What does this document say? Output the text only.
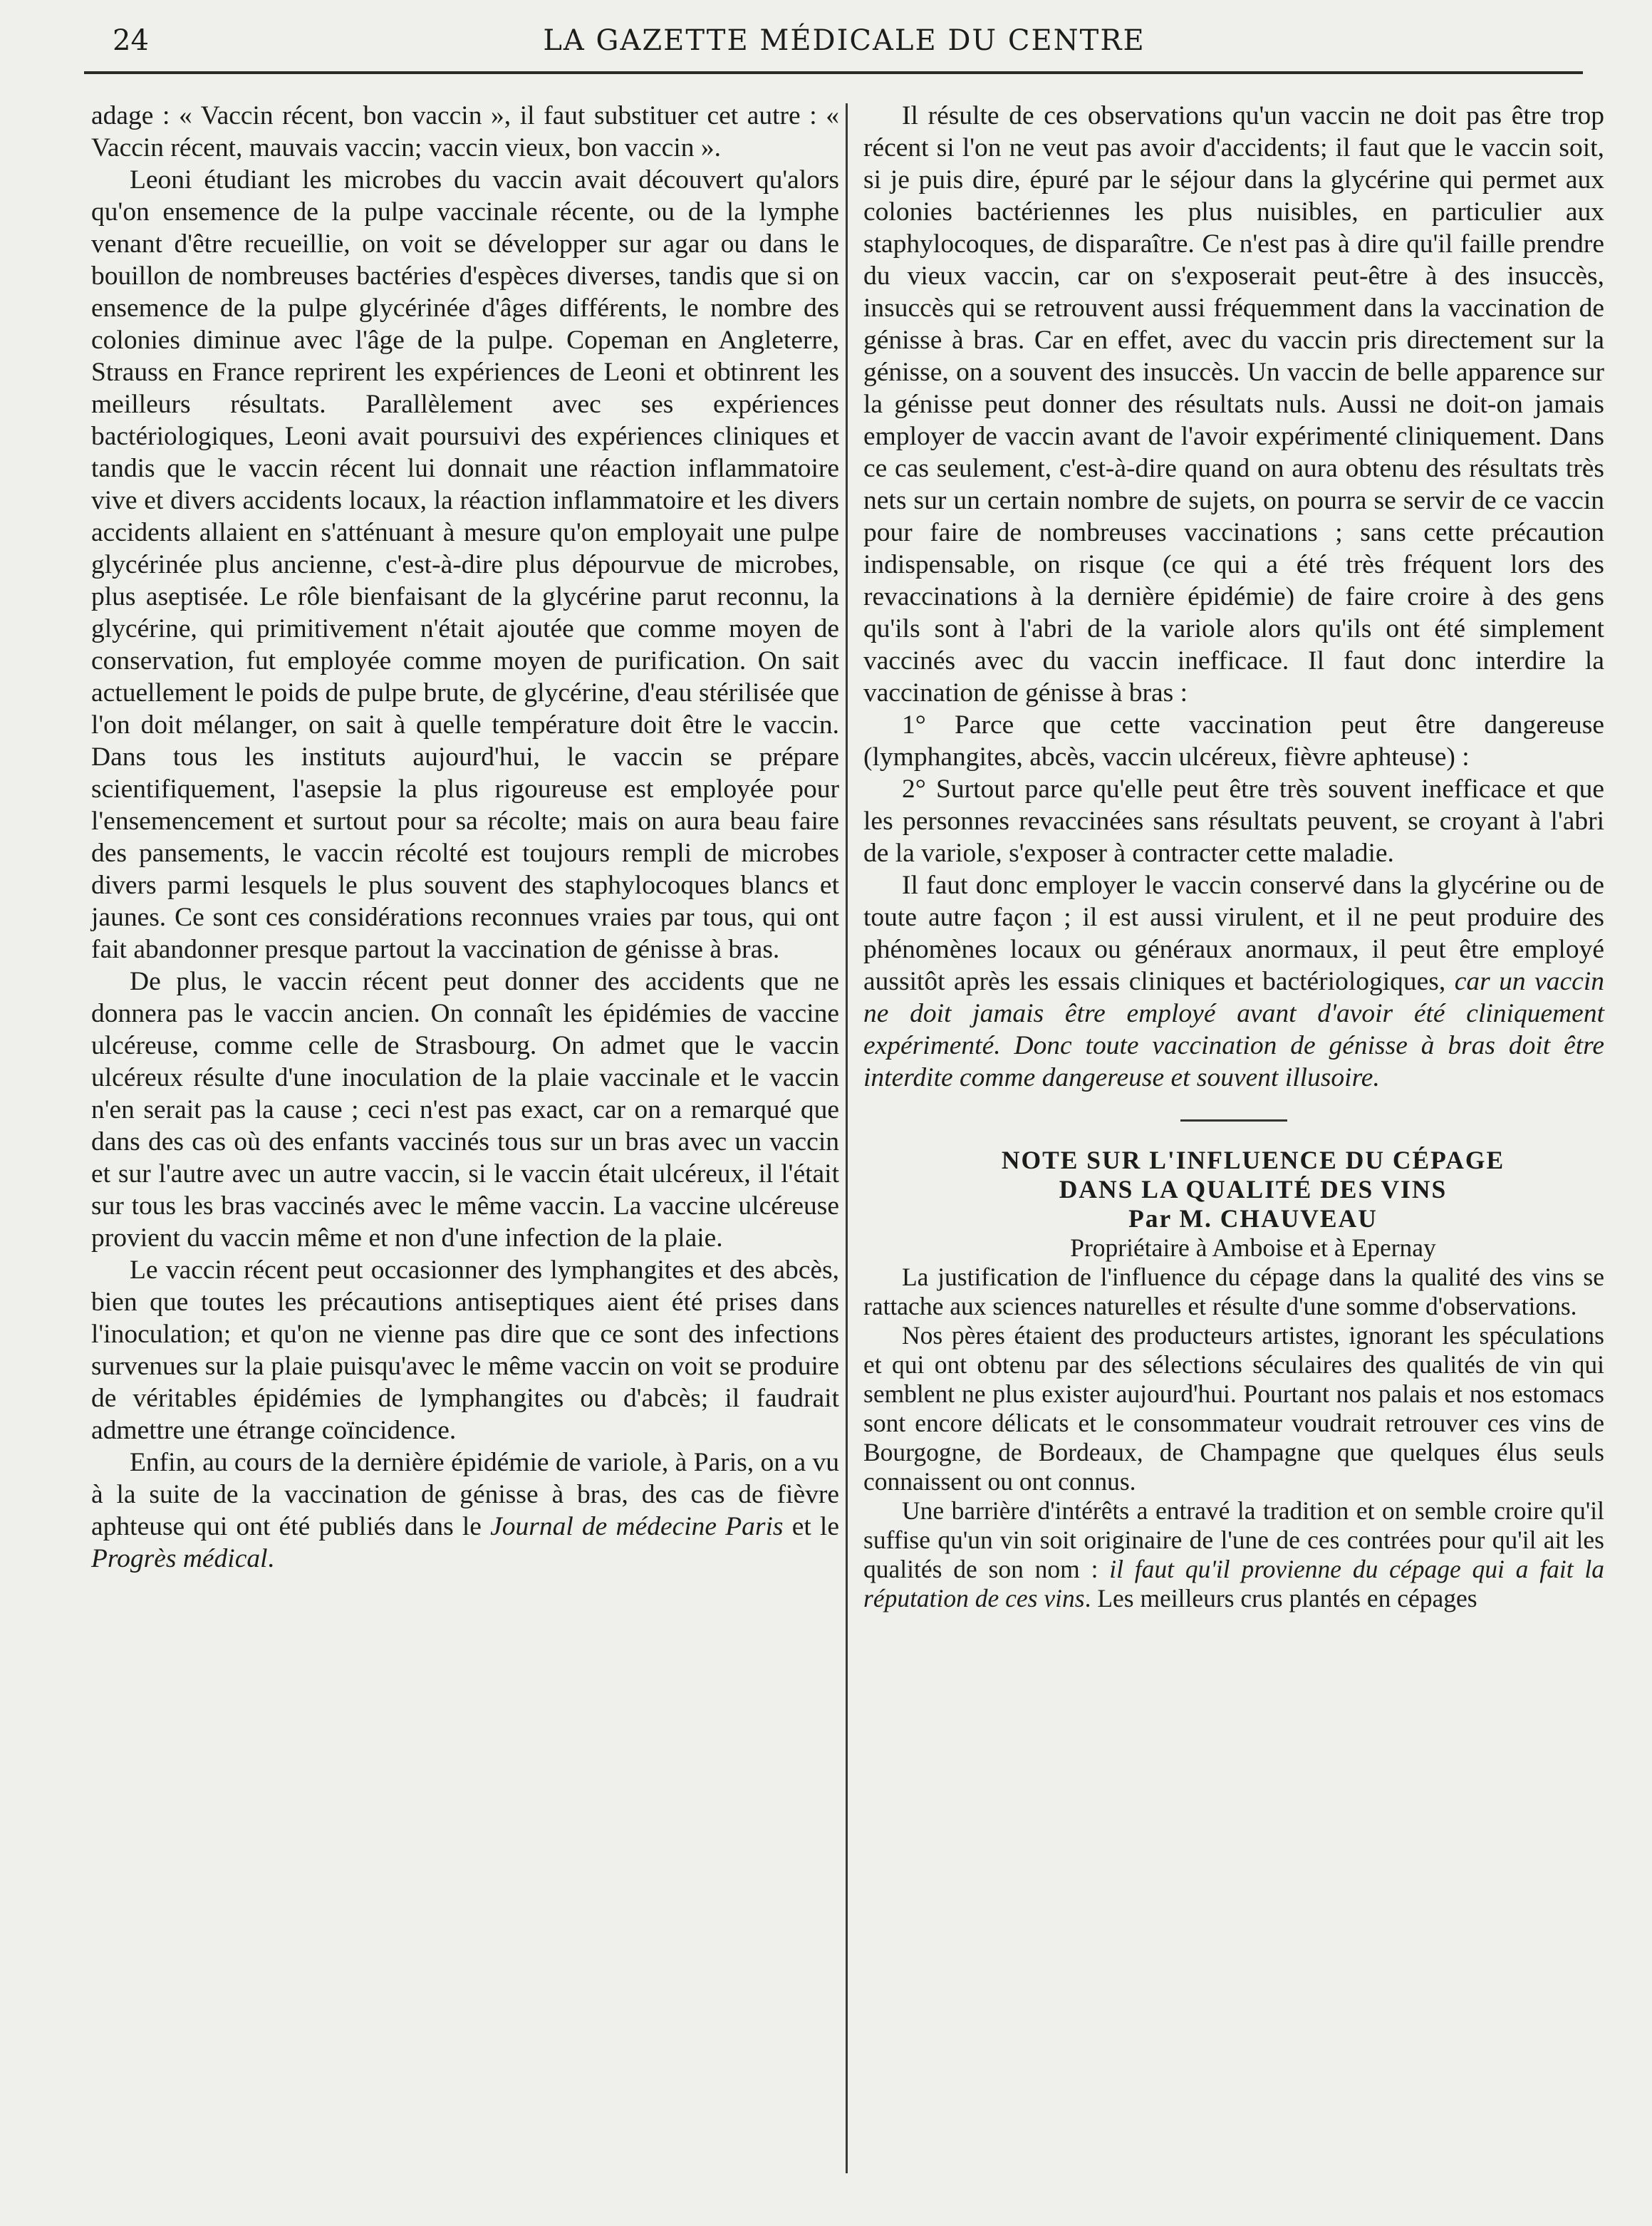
24	LA GAZETTE MÉDICALE DU CENTRE

adage : « Vaccin récent, bon vaccin », il faut substituer cet autre : « Vaccin récent, mauvais vaccin; vaccin vieux, bon vaccin ».

Leoni étudiant les microbes du vaccin avait découvert qu'alors qu'on ensemence de la pulpe vaccinale récente, ou de la lymphe venant d'être recueillie, on voit se développer sur agar ou dans le bouillon de nombreuses bactéries d'espèces diverses, tandis que si on ensemence de la pulpe glycérinée d'âges différents, le nombre des colonies diminue avec l'âge de la pulpe. Copeman en Angleterre, Strauss en France reprirent les expériences de Leoni et obtinrent les meilleurs résultats. Parallèlement avec ses expériences bactériologiques, Leoni avait poursuivi des expériences cliniques et tandis que le vaccin récent lui donnait une réaction inflammatoire vive et divers accidents locaux, la réaction inflammatoire et les divers accidents allaient en s'atténuant à mesure qu'on employait une pulpe glycérinée plus ancienne, c'est-à-dire plus dépourvue de microbes, plus aseptisée. Le rôle bienfaisant de la glycérine parut reconnu, la glycérine, qui primitivement n'était ajoutée que comme moyen de conservation, fut employée comme moyen de purification. On sait actuellement le poids de pulpe brute, de glycérine, d'eau stérilisée que l'on doit mélanger, on sait à quelle température doit être le vaccin. Dans tous les instituts aujourd'hui, le vaccin se prépare scientifiquement, l'asepsie la plus rigoureuse est employée pour l'ensemencement et surtout pour sa récolte; mais on aura beau faire des pansements, le vaccin récolté est toujours rempli de microbes divers parmi lesquels le plus souvent des staphylocoques blancs et jaunes. Ce sont ces considérations reconnues vraies par tous, qui ont fait abandonner presque partout la vaccination de génisse à bras.

De plus, le vaccin récent peut donner des accidents que ne donnera pas le vaccin ancien. On connaît les épidémies de vaccine ulcéreuse, comme celle de Strasbourg. On admet que le vaccin ulcéreux résulte d'une inoculation de la plaie vaccinale et le vaccin n'en serait pas la cause ; ceci n'est pas exact, car on a remarqué que dans des cas où des enfants vaccinés tous sur un bras avec un vaccin et sur l'autre avec un autre vaccin, si le vaccin était ulcéreux, il l'était sur tous les bras vaccinés avec le même vaccin. La vaccine ulcéreuse provient du vaccin même et non d'une infection de la plaie.

Le vaccin récent peut occasionner des lymphangites et des abcès, bien que toutes les précautions antiseptiques aient été prises dans l'inoculation; et qu'on ne vienne pas dire que ce sont des infections survenues sur la plaie puisqu'avec le même vaccin on voit se produire de véritables épidémies de lymphangites ou d'abcès; il faudrait admettre une étrange coïncidence.

Enfin, au cours de la dernière épidémie de variole, à Paris, on a vu à la suite de la vaccination de génisse à bras, des cas de fièvre aphteuse qui ont été publiés dans le Journal de médecine Paris et le Progrès médical.

Il résulte de ces observations qu'un vaccin ne doit pas être trop récent si l'on ne veut pas avoir d'accidents; il faut que le vaccin soit, si je puis dire, épuré par le séjour dans la glycérine qui permet aux colonies bactériennes les plus nuisibles, en particulier aux staphylocoques, de disparaître. Ce n'est pas à dire qu'il faille prendre du vieux vaccin, car on s'exposerait peut-être à des insuccès, insuccès qui se retrouvent aussi fréquemment dans la vaccination de génisse à bras. Car en effet, avec du vaccin pris directement sur la génisse, on a souvent des insuccès. Un vaccin de belle apparence sur la génisse peut donner des résultats nuls. Aussi ne doit-on jamais employer de vaccin avant de l'avoir expérimenté cliniquement. Dans ce cas seulement, c'est-à-dire quand on aura obtenu des résultats très nets sur un certain nombre de sujets, on pourra se servir de ce vaccin pour faire de nombreuses vaccinations ; sans cette précaution indispensable, on risque (ce qui a été très fréquent lors des revaccinations à la dernière épidémie) de faire croire à des gens qu'ils sont à l'abri de la variole alors qu'ils ont été simplement vaccinés avec du vaccin inefficace. Il faut donc interdire la vaccination de génisse à bras :

1° Parce que cette vaccination peut être dangereuse (lymphangites, abcès, vaccin ulcéreux, fièvre aphteuse) :

2° Surtout parce qu'elle peut être très souvent inefficace et que les personnes revaccinées sans résultats peuvent, se croyant à l'abri de la variole, s'exposer à contracter cette maladie.

Il faut donc employer le vaccin conservé dans la glycérine ou de toute autre façon ; il est aussi virulent, et il ne peut produire des phénomènes locaux ou généraux anormaux, il peut être employé aussitôt après les essais cliniques et bactériologiques, car un vaccin ne doit jamais être employé avant d'avoir été cliniquement expérimenté. Donc toute vaccination de génisse à bras doit être interdite comme dangereuse et souvent illusoire.

NOTE SUR L'INFLUENCE DU CÉPAGE

DANS LA QUALITÉ DES VINS

Par M. CHAUVEAU

Propriétaire à Amboise et à Epernay

La justification de l'influence du cépage dans la qualité des vins se rattache aux sciences naturelles et résulte d'une somme d'observations.

Nos pères étaient des producteurs artistes, ignorant les spéculations et qui ont obtenu par des sélections séculaires des qualités de vin qui semblent ne plus exister aujourd'hui. Pourtant nos palais et nos estomacs sont encore délicats et le consommateur voudrait retrouver ces vins de Bourgogne, de Bordeaux, de Champagne que quelques élus seuls connaissent ou ont connus.

Une barrière d'intérêts a entravé la tradition et on semble croire qu'il suffise qu'un vin soit originaire de l'une de ces contrées pour qu'il ait les qualités de son nom : il faut qu'il provienne du cépage qui a fait la réputation de ces vins. Les meilleurs crus plantés en cépages
